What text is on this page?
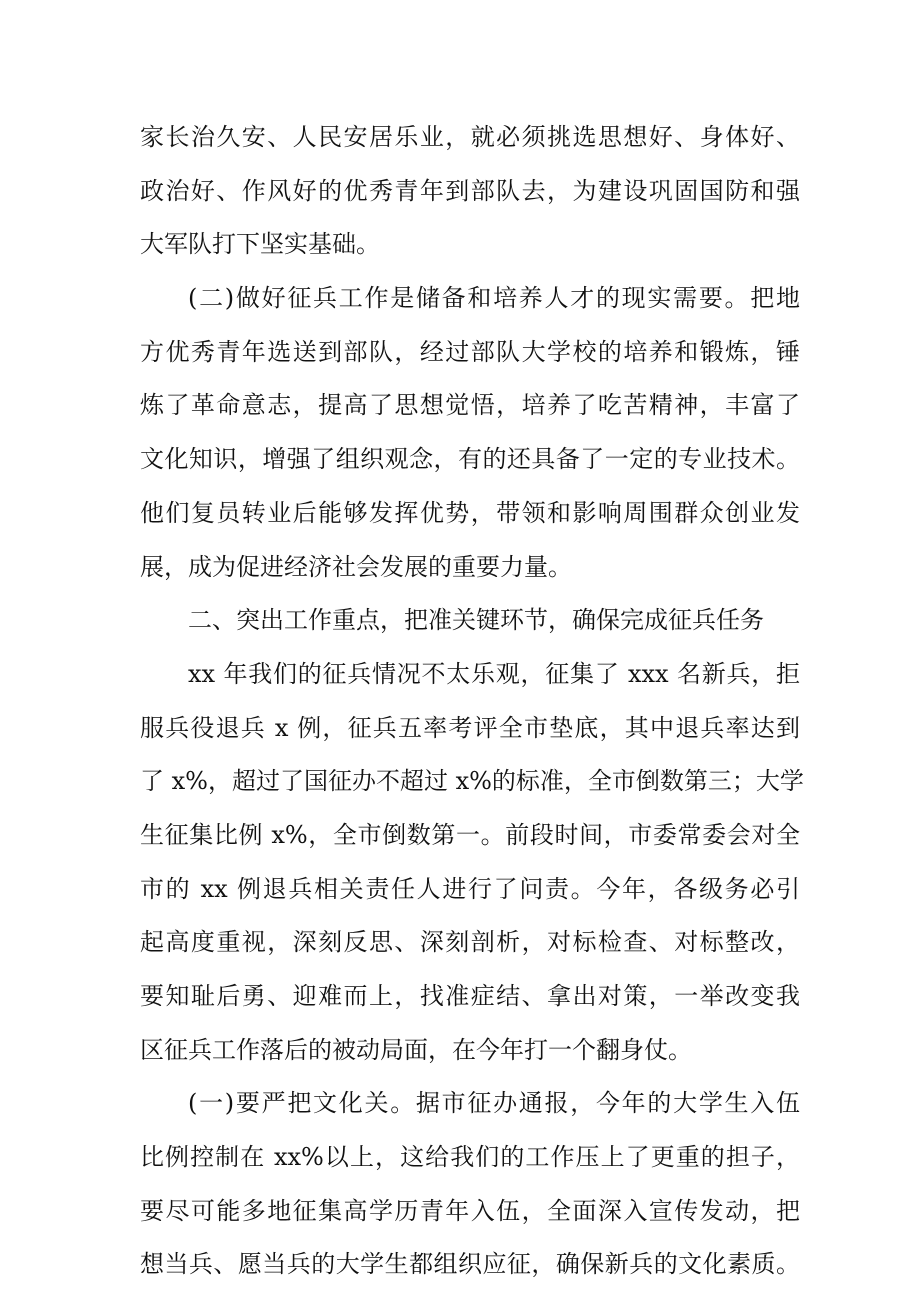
家长治久安、人民安居乐业，就必须挑选思想好、身体好、
政治好、作风好的优秀青年到部队去，为建设巩固国防和强
大军队打下坚实基础。
(二)做好征兵工作是储备和培养人才的现实需要。把地
方优秀青年选送到部队，经过部队大学校的培养和锻炼，锤
炼了革命意志，提高了思想觉悟，培养了吃苦精神，丰富了
文化知识，增强了组织观念，有的还具备了一定的专业技术。
他们复员转业后能够发挥优势，带领和影响周围群众创业发
展，成为促进经济社会发展的重要力量。
二、突出工作重点，把准关键环节，确保完成征兵任务
xx 年我们的征兵情况不太乐观，征集了 xxx 名新兵，拒
服兵役退兵 x 例，征兵五率考评全市垫底，其中退兵率达到
了 x%，超过了国征办不超过 x%的标准，全市倒数第三；大学
生征集比例 x%，全市倒数第一。前段时间，市委常委会对全
市的 xx 例退兵相关责任人进行了问责。今年，各级务必引
起高度重视，深刻反思、深刻剖析，对标检查、对标整改，
要知耻后勇、迎难而上，找准症结、拿出对策，一举改变我
区征兵工作落后的被动局面，在今年打一个翻身仗。
(一)要严把文化关。据市征办通报，今年的大学生入伍
比例控制在 xx%以上，这给我们的工作压上了更重的担子，
要尽可能多地征集高学历青年入伍，全面深入宣传发动，把
想当兵、愿当兵的大学生都组织应征，确保新兵的文化素质。
